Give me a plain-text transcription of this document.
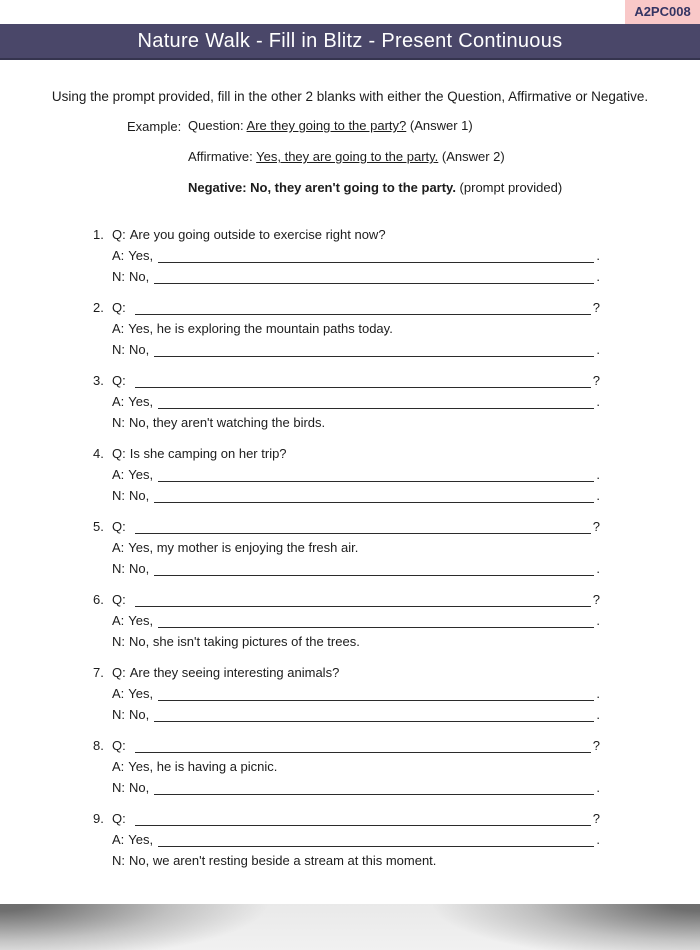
A2PC008
Nature Walk - Fill in Blitz - Present Continuous

Using the prompt provided, fill in the other 2 blanks with either the Question, Affirmative or Negative.

Example: Question: Are they going to the party? (Answer 1)
Affirmative: Yes, they are going to the party. (Answer 2)
Negative: No, they aren't going to the party. (prompt provided)
1. Q: Are you going outside to exercise right now?
A: Yes,	.
N: No,	.
2. Q:	?
A: Yes, he is exploring the mountain paths today.
N: No,	.
3. Q:	?
A: Yes,	.
N: No, they aren't watching the birds.
4. Q: Is she camping on her trip?
A: Yes,	.
N: No,	.
5. Q:	?
A: Yes, my mother is enjoying the fresh air.
N: No,	.
6. Q:	?
A: Yes,	.
N: No, she isn't taking pictures of the trees.
7. Q: Are they seeing interesting animals?
A: Yes,	.
N: No,	.
8. Q:	?
A: Yes, he is having a picnic.
N: No,	.
9. Q:	?
A: Yes,	.
N: No, we aren't resting beside a stream at this moment.
